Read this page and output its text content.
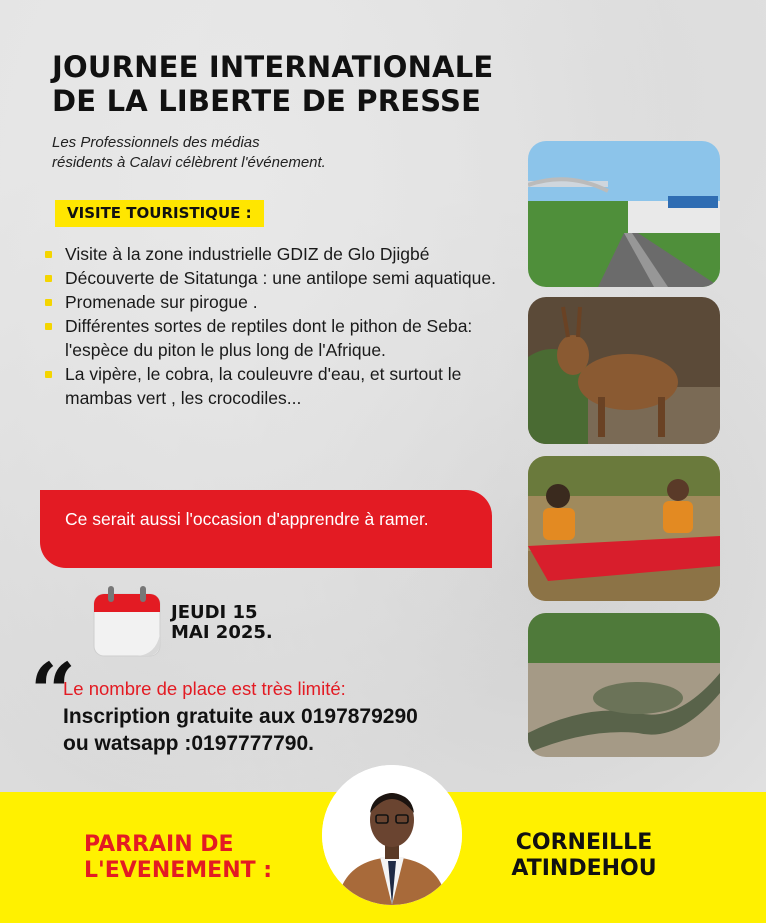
JOURNEE INTERNATIONALE
DE LA LIBERTE DE PRESSE
Les Professionnels des médias
résidents à Calavi célèbrent l'événement.
VISITE TOURISTIQUE :
Visite à la zone industrielle GDIZ de Glo Djigbé
Découverte de Sitatunga : une antilope semi aquatique.
Promenade sur pirogue .
Différentes sortes de reptiles dont le pithon de Seba: l'espèce du piton le plus long de l'Afrique.
La vipère, le cobra, la couleuvre d'eau, et surtout le mambas vert , les crocodiles...
Ce serait aussi l'occasion d'apprendre à ramer.
JEUDI 15
MAI 2025.
“
Le nombre de place est très limité:
Inscription gratuite aux 0197879290
ou watsapp :0197777790.
PARRAIN DE
L'EVENEMENT :
CORNEILLE
ATINDEHOU
